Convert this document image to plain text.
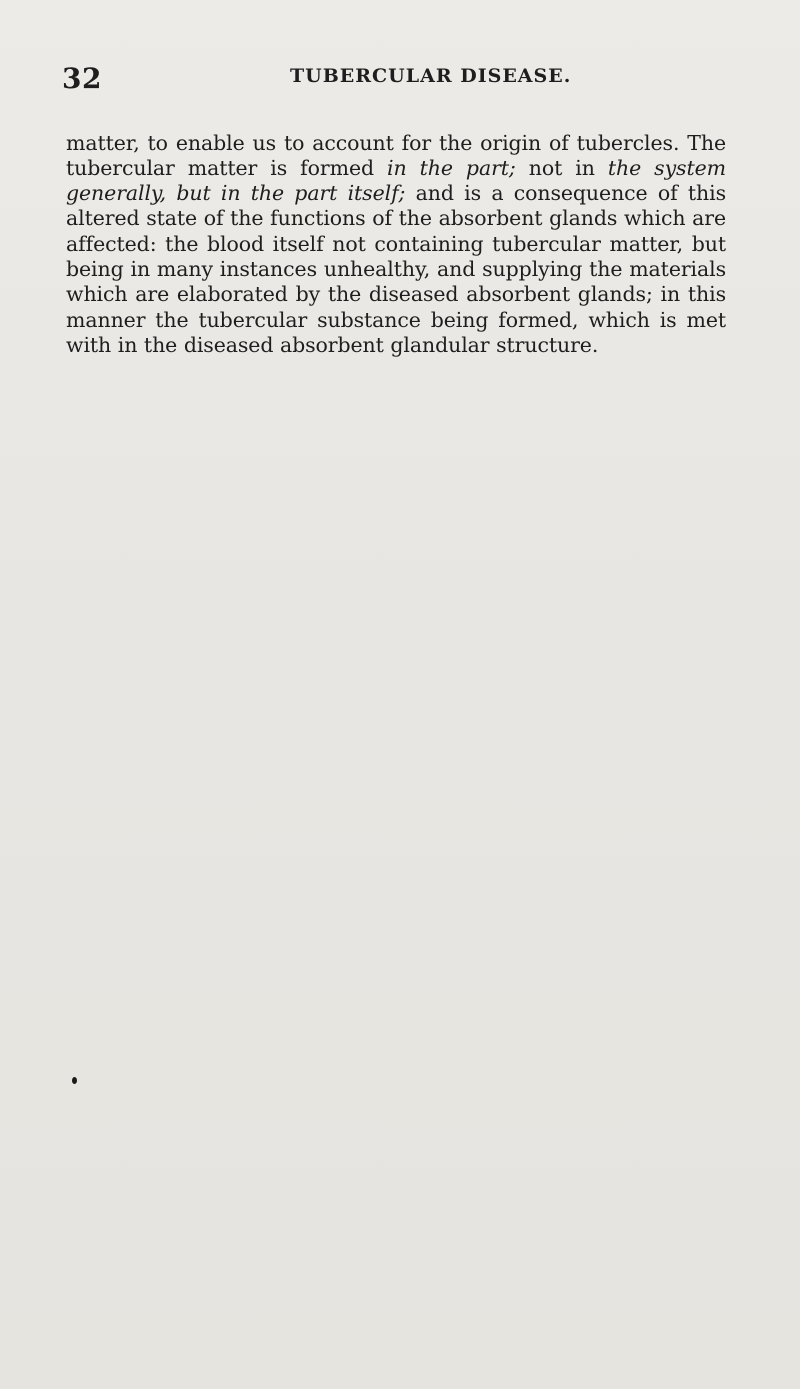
32	TUBERCULAR DISEASE.

matter, to enable us to account for the origin of tubercles. The tubercular matter is formed in the part; not in the system generally, but in the part itself; and is a consequence of this altered state of the functions of the absorbent glands which are affected: the blood itself not containing tubercular matter, but being in many instances unhealthy, and supplying the materials which are elaborated by the diseased absorbent glands; in this manner the tubercular substance being formed, which is met with in the diseased absorbent glandular structure.
